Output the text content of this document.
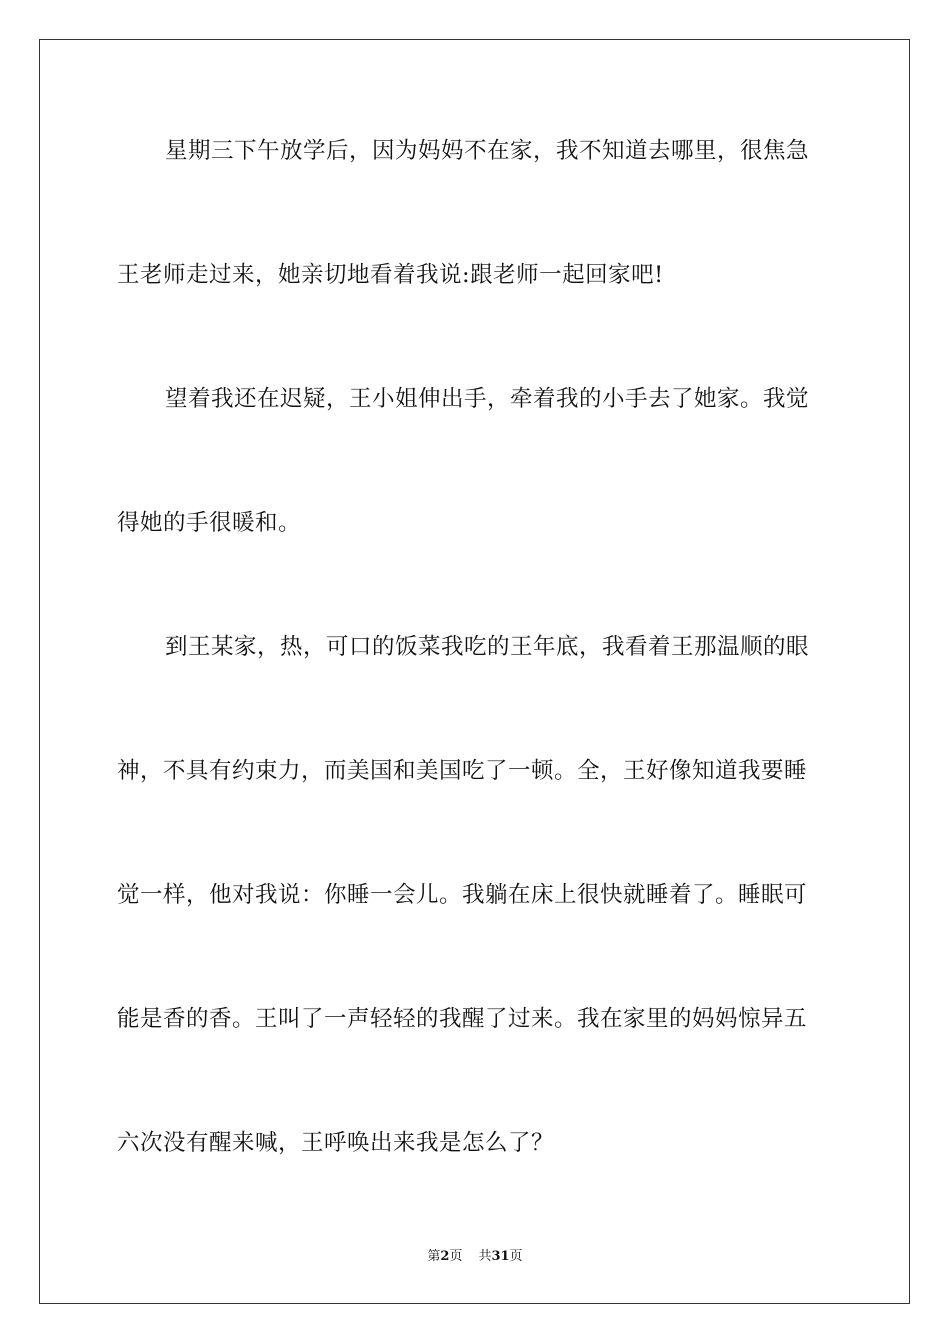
星期三下午放学后，因为妈妈不在家，我不知道去哪里，很焦急
王老师走过来，她亲切地看着我说:跟老师一起回家吧!
望着我还在迟疑，王小姐伸出手，牵着我的小手去了她家。我觉
得她的手很暖和。
到王某家，热，可口的饭菜我吃的王年底，我看着王那温顺的眼
神，不具有约束力，而美国和美国吃了一顿。全，王好像知道我要睡
觉一样，他对我说：你睡一会儿。我躺在床上很快就睡着了。睡眠可
能是香的香。王叫了一声轻轻的我醒了过来。我在家里的妈妈惊异五
六次没有醒来喊，王呼唤出来我是怎么了？
第2页 共31页
